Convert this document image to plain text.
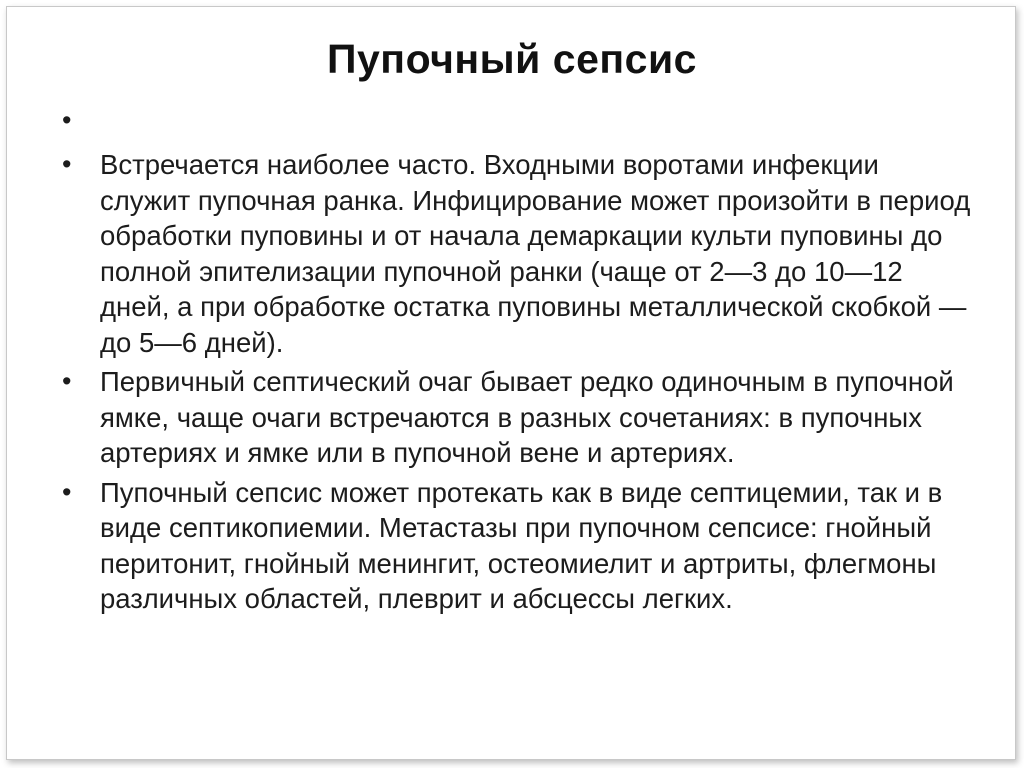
Пупочный сепсис
•
•	Встречается наиболее часто. Входными воротами инфекции служит пупочная ранка. Инфицирование может произойти в период обработки пуповины и от начала демаркации культи пуповины до полной эпителизации пупочной ранки (чаще от 2—3 до 10—12 дней, а при обработке остатка пуповины металлической скобкой — до 5—6 дней).
•	Первичный септический очаг бывает редко одиночным в пупочной ямке, чаще очаги встречаются в разных сочетаниях: в пупочных артериях и ямке или в пупочной вене и артериях.
•	Пупочный сепсис может протекать как в виде септицемии, так и в виде септикопиемии. Метастазы при пупочном сепсисе: гнойный перитонит, гнойный менингит, остеомиелит и артриты, флегмоны различных областей, плеврит и абсцессы легких.
